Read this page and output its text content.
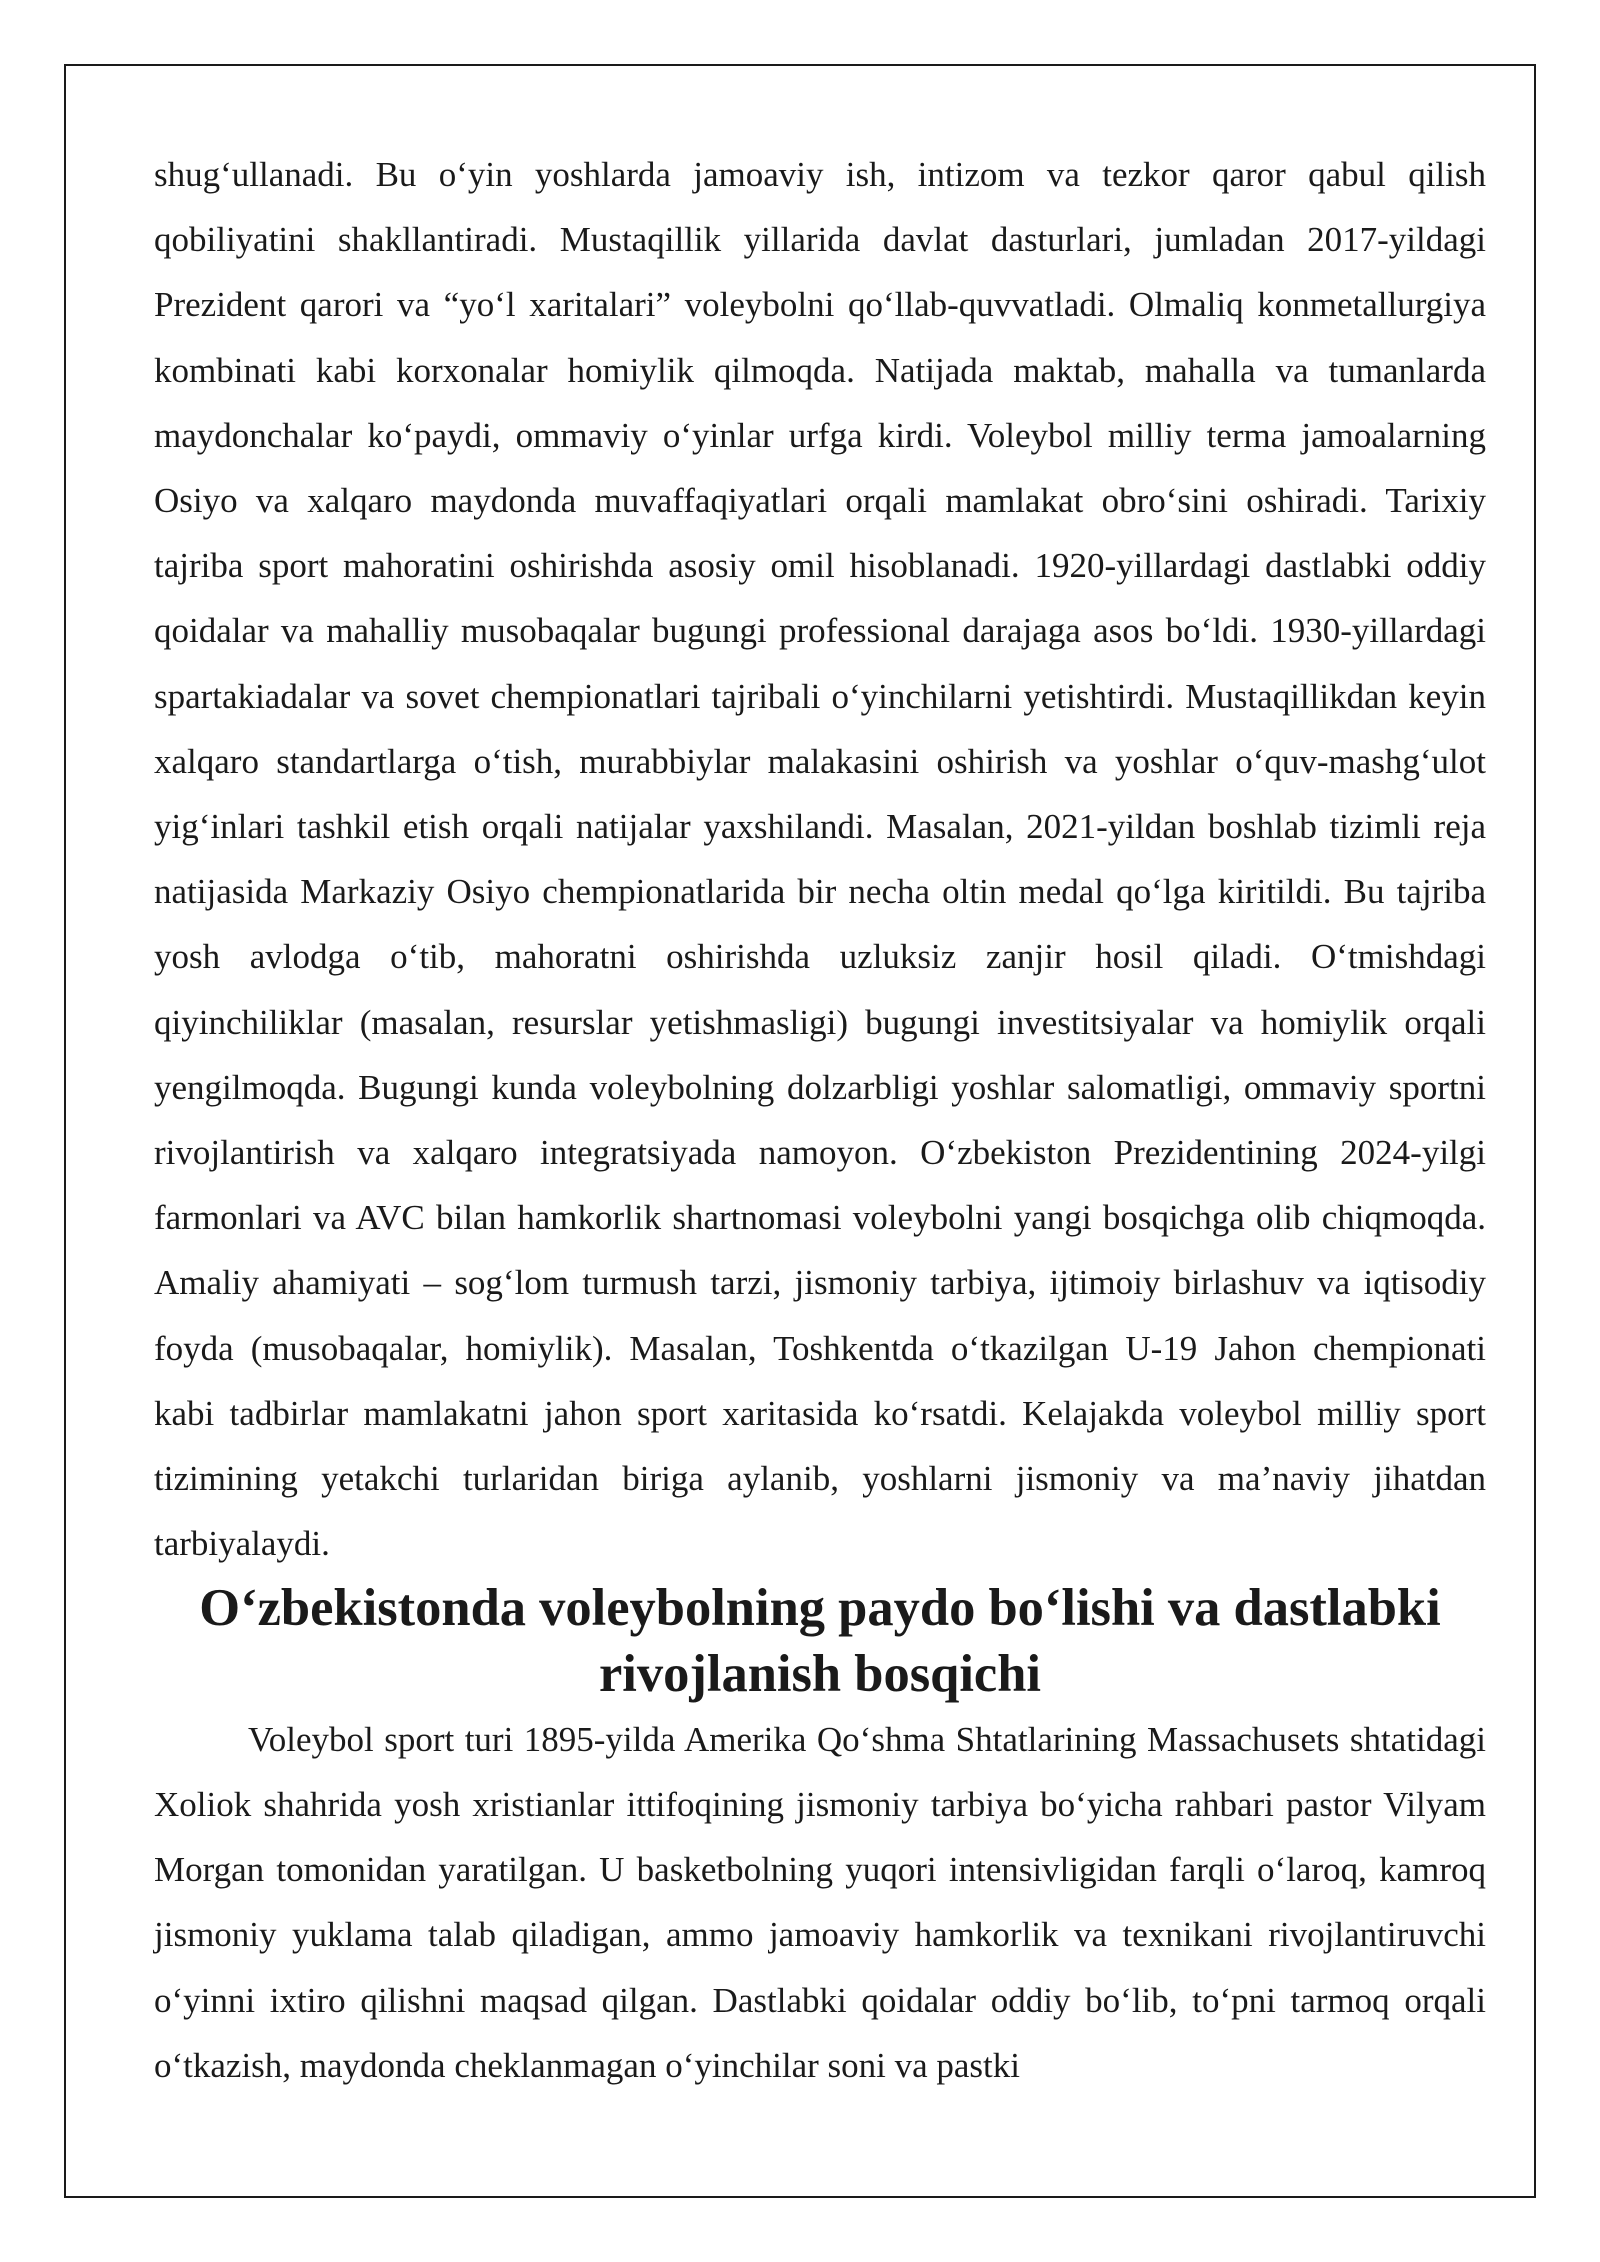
shug‘ullanadi. Bu o‘yin yoshlarda jamoaviy ish, intizom va tezkor qaror qabul qilish qobiliyatini shakllantiradi. Mustaqillik yillarida davlat dasturlari, jumladan 2017-yildagi Prezident qarori va “yo‘l xaritalari” voleybolni qo‘llab-quvvatladi. Olmaliq konmetallurgiya kombinati kabi korxonalar homiylik qilmoqda. Natijada maktab, mahalla va tumanlarda maydonchalar ko‘paydi, ommaviy o‘yinlar urfga kirdi. Voleybol milliy terma jamoalarning Osiyo va xalqaro maydonda muvaffaqiyatlari orqali mamlakat obro‘sini oshiradi. Tarixiy tajriba sport mahoratini oshirishda asosiy omil hisoblanadi. 1920-yillardagi dastlabki oddiy qoidalar va mahalliy musobaqalar bugungi professional darajaga asos bo‘ldi. 1930-yillardagi spartakiadalar va sovet chempionatlari tajribali o‘yinchilarni yetishtirdi. Mustaqillikdan keyin xalqaro standartlarga o‘tish, murabbiylar malakasini oshirish va yoshlar o‘quv-mashg‘ulot yig‘inlari tashkil etish orqali natijalar yaxshilandi. Masalan, 2021-yildan boshlab tizimli reja natijasida Markaziy Osiyo chempionatlarida bir necha oltin medal qo‘lga kiritildi. Bu tajriba yosh avlodga o‘tib, mahoratni oshirishda uzluksiz zanjir hosil qiladi. O‘tmishdagi qiyinchiliklar (masalan, resurslar yetishmasligi) bugungi investitsiyalar va homiylik orqali yengilmoqda. Bugungi kunda voleybolning dolzarbligi yoshlar salomatligi, ommaviy sportni rivojlantirish va xalqaro integratsiyada namoyon. O‘zbekiston Prezidentining 2024-yilgi farmonlari va AVC bilan hamkorlik shartnomasi voleybolni yangi bosqichga olib chiqmoqda. Amaliy ahamiyati – sog‘lom turmush tarzi, jismoniy tarbiya, ijtimoiy birlashuv va iqtisodiy foyda (musobaqalar, homiylik). Masalan, Toshkentda o‘tkazilgan U-19 Jahon chempionati kabi tadbirlar mamlakatni jahon sport xaritasida ko‘rsatdi. Kelajakda voleybol milliy sport tizimining yetakchi turlaridan biriga aylanib, yoshlarni jismoniy va ma’naviy jihatdan tarbiyalaydi.

O‘zbekistonda voleybolning paydo bo‘lishi va dastlabki rivojlanish bosqichi

Voleybol sport turi 1895-yilda Amerika Qo‘shma Shtatlarining Massachusets shtatidagi Xoliok shahrida yosh xristianlar ittifoqining jismoniy tarbiya bo‘yicha rahbari pastor Vilyam Morgan tomonidan yaratilgan. U basketbolning yuqori intensivligidan farqli o‘laroq, kamroq jismoniy yuklama talab qiladigan, ammo jamoaviy hamkorlik va texnikani rivojlantiruvchi o‘yinni ixtiro qilishni maqsad qilgan. Dastlabki qoidalar oddiy bo‘lib, to‘pni tarmoq orqali o‘tkazish, maydonda cheklanmagan o‘yinchilar soni va pastki
